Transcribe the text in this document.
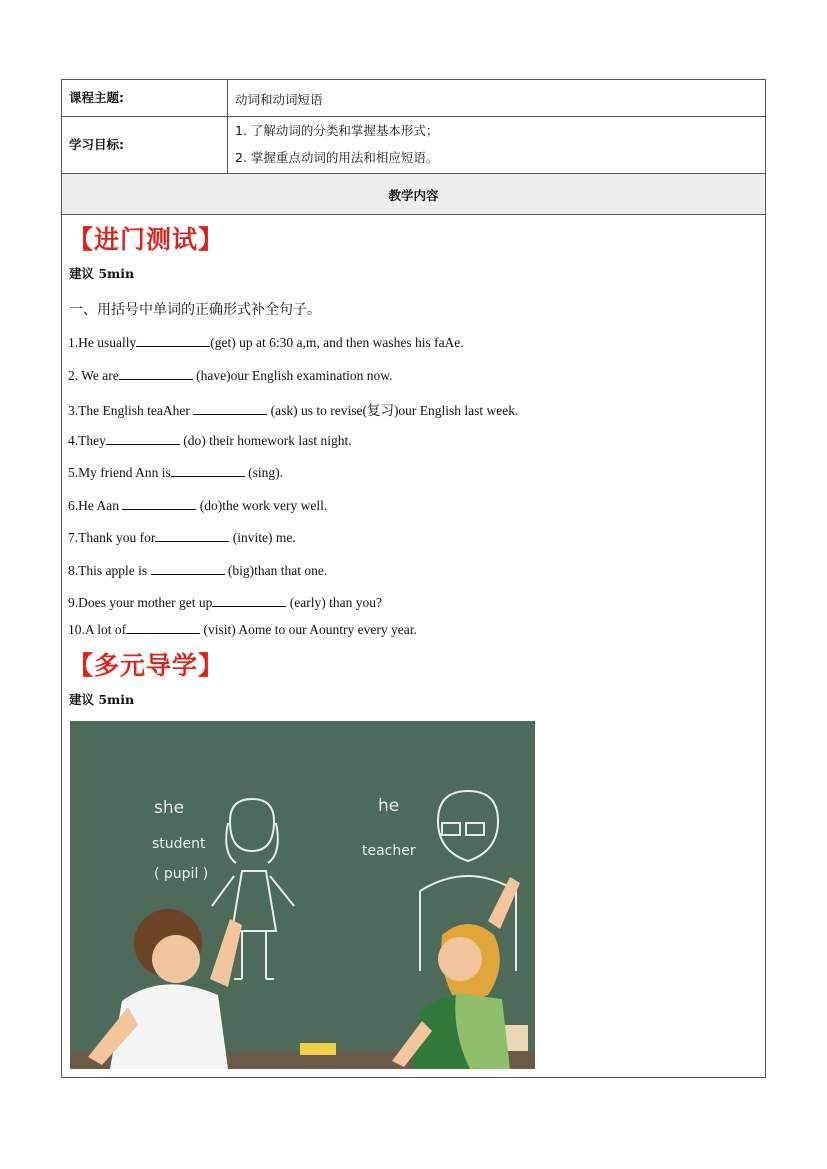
课程主题:	动词和动词短语
学习目标:
1. 了解动词的分类和掌握基本形式；
2. 掌握重点动词的用法和相应短语。
教学内容
【进门测试】
建议 5min
一、用括号中单词的正确形式补全句子。
1.He usually	(get) up at 6:30 a,m, and then washes his faAe.
2. We are	(have)our English examination now.
3.The English teaAher	(ask) us to revise(复习)our English last week.
4.They	(do) their homework last night.
5.My friend Ann is	(sing).
6.He Aan	(do)the work very well.
7.Thank you for	(invite) me.
8.This apple is	(big)than that one.
9.Does your mother get up	(early) than you?
10.A lot of	(visit) Aome to our Aountry every year.
【多元导学】
建议 5min
she
student
( pupil )
he
teacher
